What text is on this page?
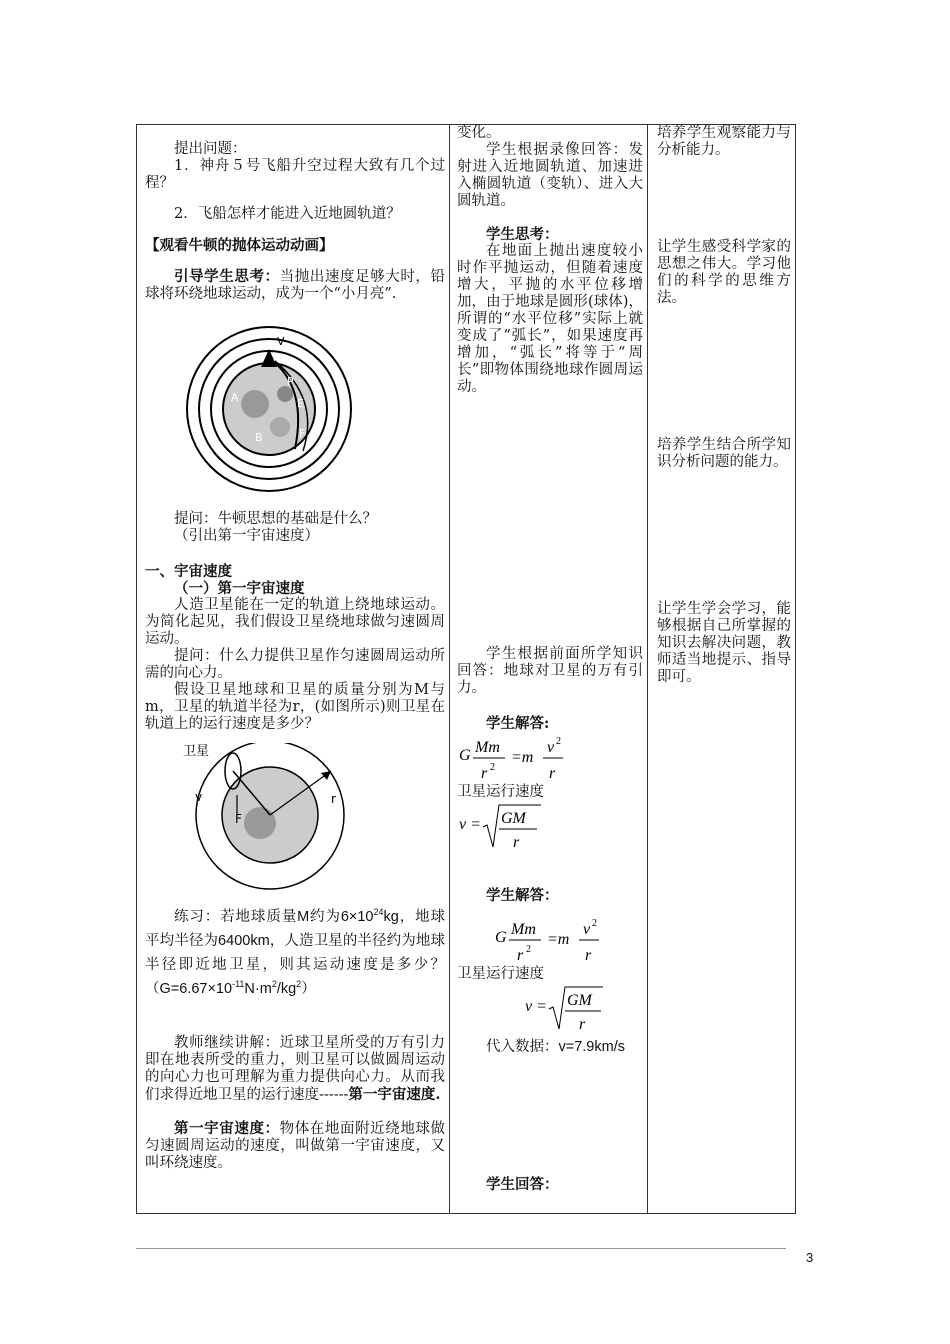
提出问题：

1．神舟５号飞船升空过程大致有几个过程？

2．飞船怎样才能进入近地圆轨道？

【观看牛顿的抛体运动动画】

引导学生思考：当抛出速度足够大时，铅球将环绕地球运动，成为一个“小月亮”.

V
P
A	E
B	F

提问：牛顿思想的基础是什么？

（引出第一宇宙速度）

一、宇宙速度

（一）第一宇宙速度

人造卫星能在一定的轨道上绕地球运动。为简化起见，我们假设卫星绕地球做匀速圆周运动。

提问：什么力提供卫星作匀速圆周运动所需的向心力。

假设卫星地球和卫星的质量分别为M与m，卫星的轨道半径为r，(如图所示)则卫星在轨道上的运行速度是多少？

卫星
v	r
F

练习：若地球质量M约为$6\times 10^{24}kg$，地球平均半径为6400km，人造卫星的半径约为地球半径即近地卫星，则其运动速度是多少？$(G=6.67\times 10^{-11}N\cdot m^2/kg^2)$

教师继续讲解：近球卫星所受的万有引力即在地表所受的重力，则卫星可以做圆周运动的向心力也可理解为重力提供向心力。从而我们求得近地卫星的运行速度------第一宇宙速度.

第一宇宙速度：物体在地面附近绕地球做匀速圆周运动的速度，叫做第一宇宙速度，又叫环绕速度。

变化。

学生根据录像回答：发射进入近地圆轨道、加速进入椭圆轨道（变轨）、进入大圆轨道。

学生思考：

在地面上抛出速度较小时作平抛运动，但随着速度增大，平抛的水平位移增加，由于地球是圆形(球体)，所谓的“水平位移”实际上就变成了“弧长”，如果速度再增加，“弧长”将等于“周长”即物体围绕地球作圆周运动。

学生根据前面所学知识回答：地球对卫星的万有引力。

学生解答:

G Mm
r 2
=m
v 2
r

卫星运行速度

v = GM
r

学生解答：

G Mm
r 2
=m
v 2
r

卫星运行速度

v = GM
r

代入数据：v=7.9km/s

学生回答：

培养学生观察能力与分析能力。

让学生感受科学家的思想之伟大。学习他们的科学的思维方法。

培养学生结合所学知识分析问题的能力。

让学生学会学习，能够根据自己所掌握的知识去解决问题，教师适当地提示、指导即可。

3
